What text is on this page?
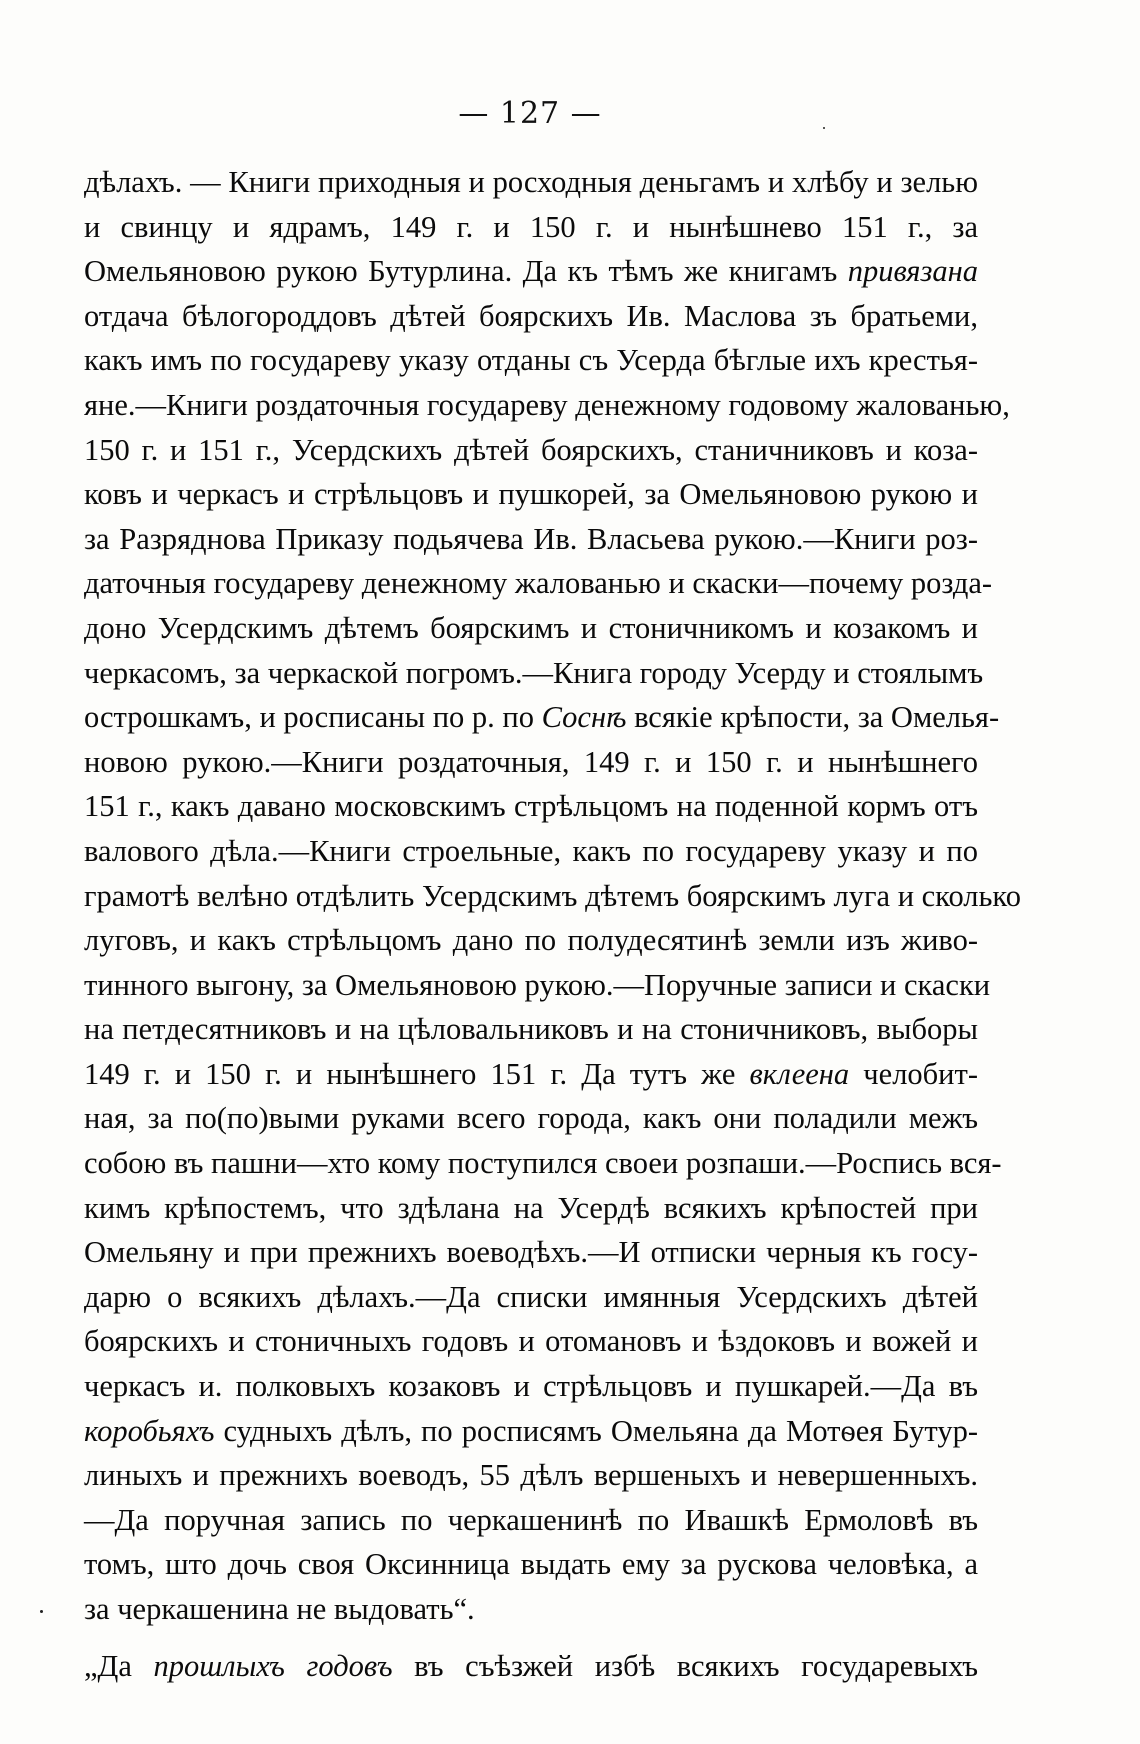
— 127 —
дѣлахъ. — Книги приходныя и росходныя деньгамъ и хлѣбу и зелью
и свинцу и ядрамъ, 149 г. и 150 г. и нынѣшнево 151 г., за
Омельяновою рукою Бутурлина. Да къ тѣмъ же книгамъ привязана
отдача бѣлогороддовъ дѣтей боярскихъ Ив. Маслова зъ братьеми,
какъ имъ по государеву указу отданы съ Усерда бѣглые ихъ крестья-
яне.—Книги роздаточныя государеву денежному годовому жалованью,
150 г. и 151 г., Усердскихъ дѣтей боярскихъ, станичниковъ и коза-
ковъ и черкасъ и стрѣльцовъ и пушкорей, за Омельяновою рукою и
за Разряднова Приказу подьячева Ив. Власьева рукою.—Книги роз-
даточныя государеву денежному жалованью и скаски—почему розда-
доно Усердскимъ дѣтемъ боярскимъ и стоничникомъ и козакомъ и
черкасомъ, за черкаской погромъ.—Книга городу Усерду и стоялымъ
острошкамъ, и росписаны по р. по Соснѣ всякіе крѣпости, за Омелья-
новою рукою.—Книги роздаточныя, 149 г. и 150 г. и нынѣшнего
151 г., какъ давано московскимъ стрѣльцомъ на поденной кормъ отъ
валового дѣла.—Книги строельные, какъ по государеву указу и по
грамотѣ велѣно отдѣлить Усердскимъ дѣтемъ боярскимъ луга и сколько
луговъ, и какъ стрѣльцомъ дано по полудесятинѣ земли изъ живо-
тинного выгону, за Омельяновою рукою.—Поручные записи и скаски
на петдесятниковъ и на цѣловальниковъ и на стоничниковъ, выборы
149 г. и 150 г. и нынѣшнего 151 г. Да тутъ же вклеена челобит-
ная, за по(по)выми руками всего города, какъ они поладили межъ
собою въ пашни—хто кому поступился своеи розпаши.—Роспись вся-
кимъ крѣпостемъ, что здѣлана на Усердѣ всякихъ крѣпостей при
Омельяну и при прежнихъ воеводѣхъ.—И отписки черныя къ госу-
дарю о всякихъ дѣлахъ.—Да списки имянныя Усердскихъ дѣтей
боярскихъ и стоничныхъ годовъ и отомановъ и ѣздоковъ и вожей и
черкасъ и. полковыхъ козаковъ и стрѣльцовъ и пушкарей.—Да въ
коробьяхъ судныхъ дѣлъ, по росписямъ Омельяна да Мотѳея Бутур-
линыхъ и прежнихъ воеводъ, 55 дѣлъ вершеныхъ и невершенныхъ.
—Да поручная запись по черкашенинѣ по Ивашкѣ Ермоловѣ въ
томъ, што дочь своя Оксинница выдать ему за рускова человѣка, а
за черкашенина не выдовать“.
„Да прошлыхъ годовъ въ съѣзжей избѣ всякихъ государевыхъ
